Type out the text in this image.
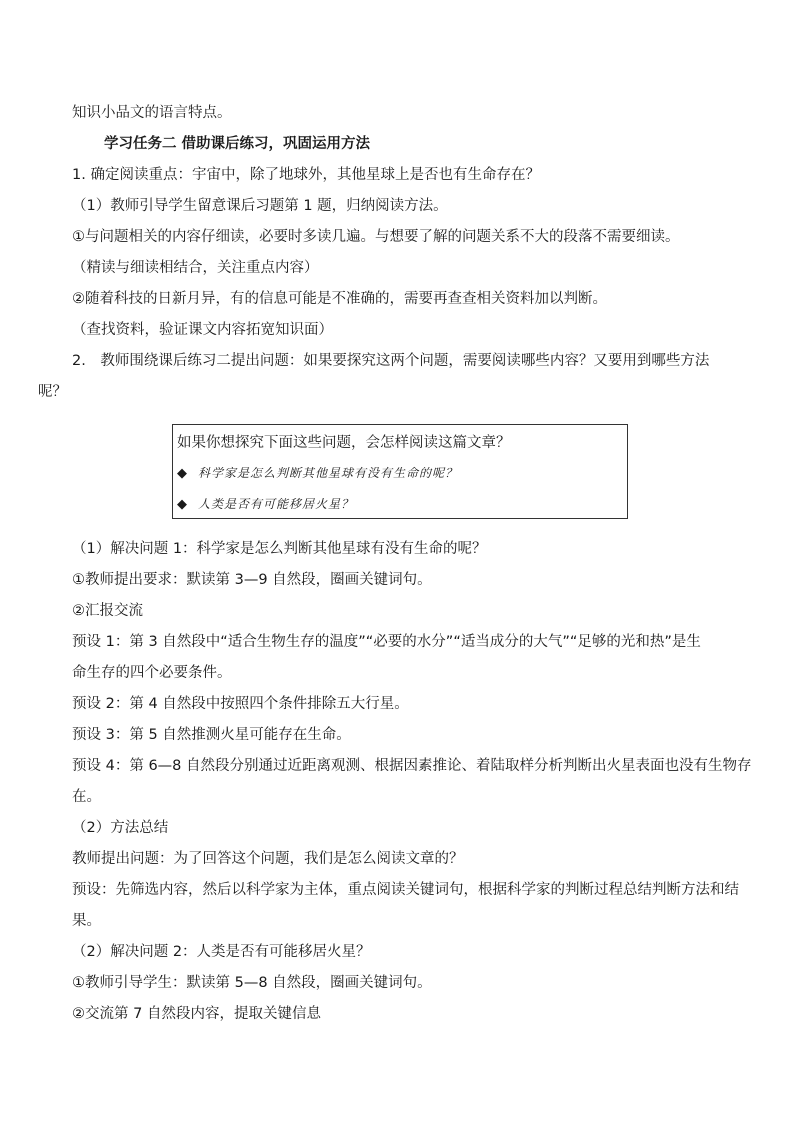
知识小品文的语言特点。
学习任务二 借助课后练习，巩固运用方法
1. 确定阅读重点：宇宙中，除了地球外，其他星球上是否也有生命存在？
（1）教师引导学生留意课后习题第 1 题，归纳阅读方法。
①与问题相关的内容仔细读，必要时多读几遍。与想要了解的问题关系不大的段落不需要细读。
（精读与细读相结合，关注重点内容）
②随着科技的日新月异，有的信息可能是不准确的，需要再查查相关资料加以判断。
（查找资料，验证课文内容拓宽知识面）
2.　教师围绕课后练习二提出问题：如果要探究这两个问题，需要阅读哪些内容？又要用到哪些方法
呢？
如果你想探究下面这些问题，会怎样阅读这篇文章？
◆ 科学家是怎么判断其他星球有没有生命的呢？
◆ 人类是否有可能移居火星？
（1）解决问题 1：科学家是怎么判断其他星球有没有生命的呢？
①教师提出要求：默读第 3—9 自然段，圈画关键词句。
②汇报交流
预设 1：第 3 自然段中“适合生物生存的温度”“必要的水分”“适当成分的大气”“足够的光和热”是生
命生存的四个必要条件。
预设 2：第 4 自然段中按照四个条件排除五大行星。
预设 3：第 5 自然推测火星可能存在生命。
预设 4：第 6—8 自然段分别通过近距离观测、根据因素推论、着陆取样分析判断出火星表面也没有生物存
在。
（2）方法总结
教师提出问题：为了回答这个问题，我们是怎么阅读文章的？
预设：先筛选内容，然后以科学家为主体，重点阅读关键词句，根据科学家的判断过程总结判断方法和结
果。
（2）解决问题 2：人类是否有可能移居火星？
①教师引导学生：默读第 5—8 自然段，圈画关键词句。
②交流第 7 自然段内容，提取关键信息
